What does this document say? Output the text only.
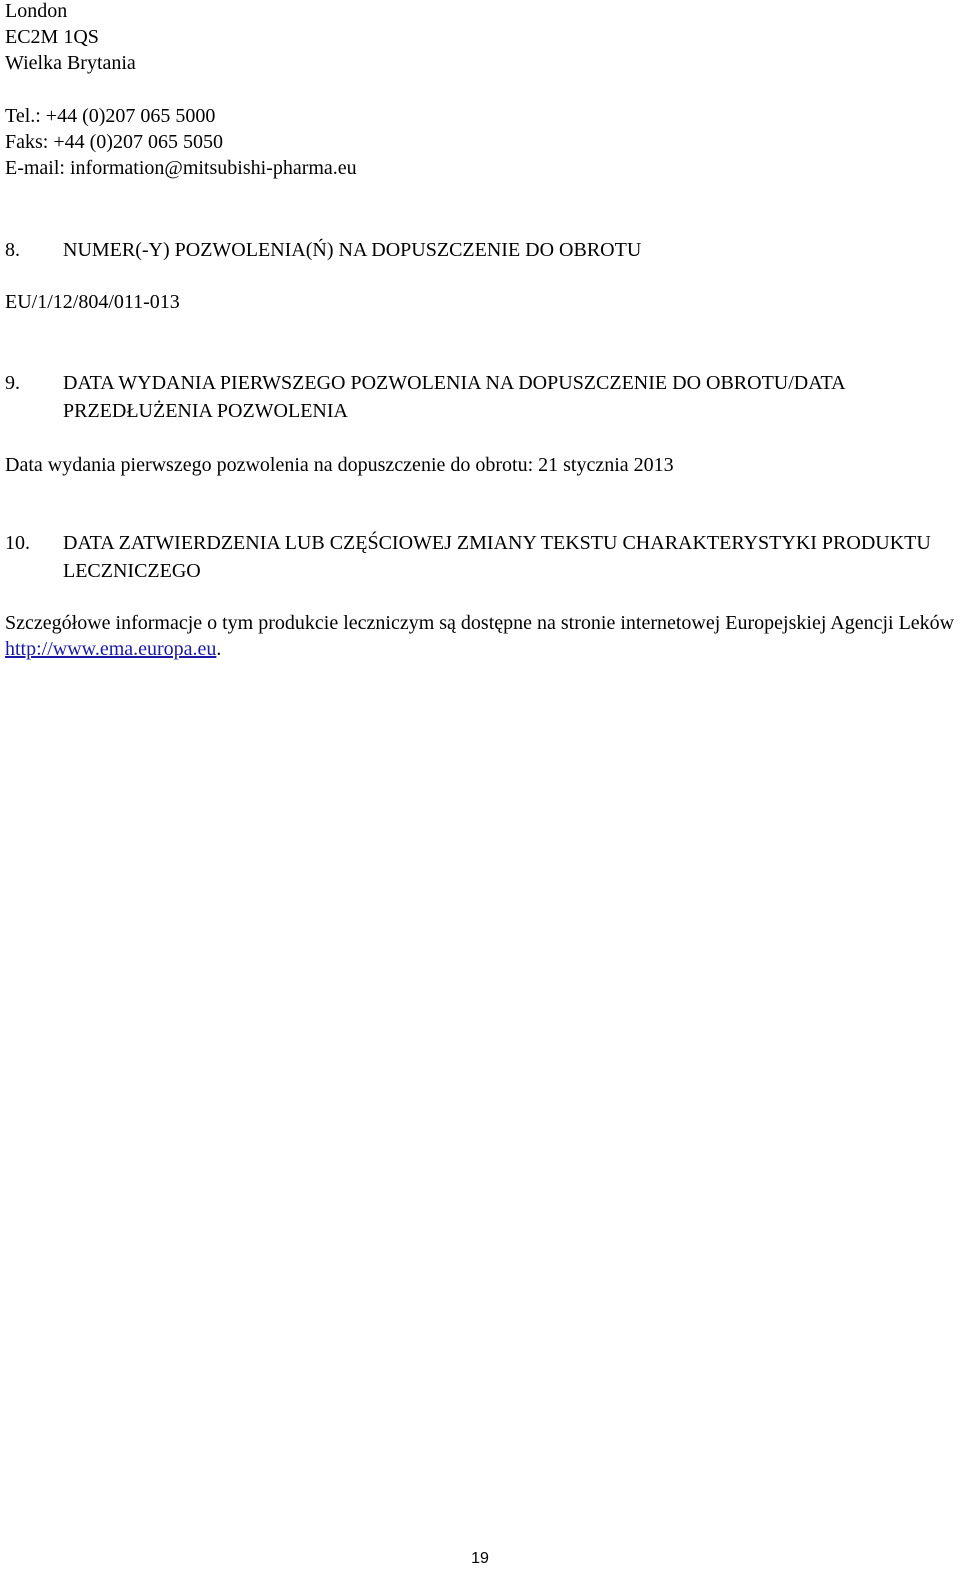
London

EC2M 1QS

Wielka Brytania

Tel.: +44 (0)207 065 5000

Faks: +44 (0)207 065 5050

E-mail: information@mitsubishi-pharma.eu

8. NUMER(-Y) POZWOLENIA(Ń) NA DOPUSZCZENIE DO OBROTU

EU/1/12/804/011-013

9. DATA WYDANIA PIERWSZEGO POZWOLENIA NA DOPUSZCZENIE DO OBROTU/DATA PRZEDŁUŻENIA POZWOLENIA

Data wydania pierwszego pozwolenia na dopuszczenie do obrotu: 21 stycznia 2013

10. DATA ZATWIERDZENIA LUB CZĘŚCIOWEJ ZMIANY TEKSTU CHARAKTERYSTYKI PRODUKTU LECZNICZEGO

Szczegółowe informacje o tym produkcie leczniczym są dostępne na stronie internetowej Europejskiej Agencji Leków http://www.ema.europa.eu.

19
